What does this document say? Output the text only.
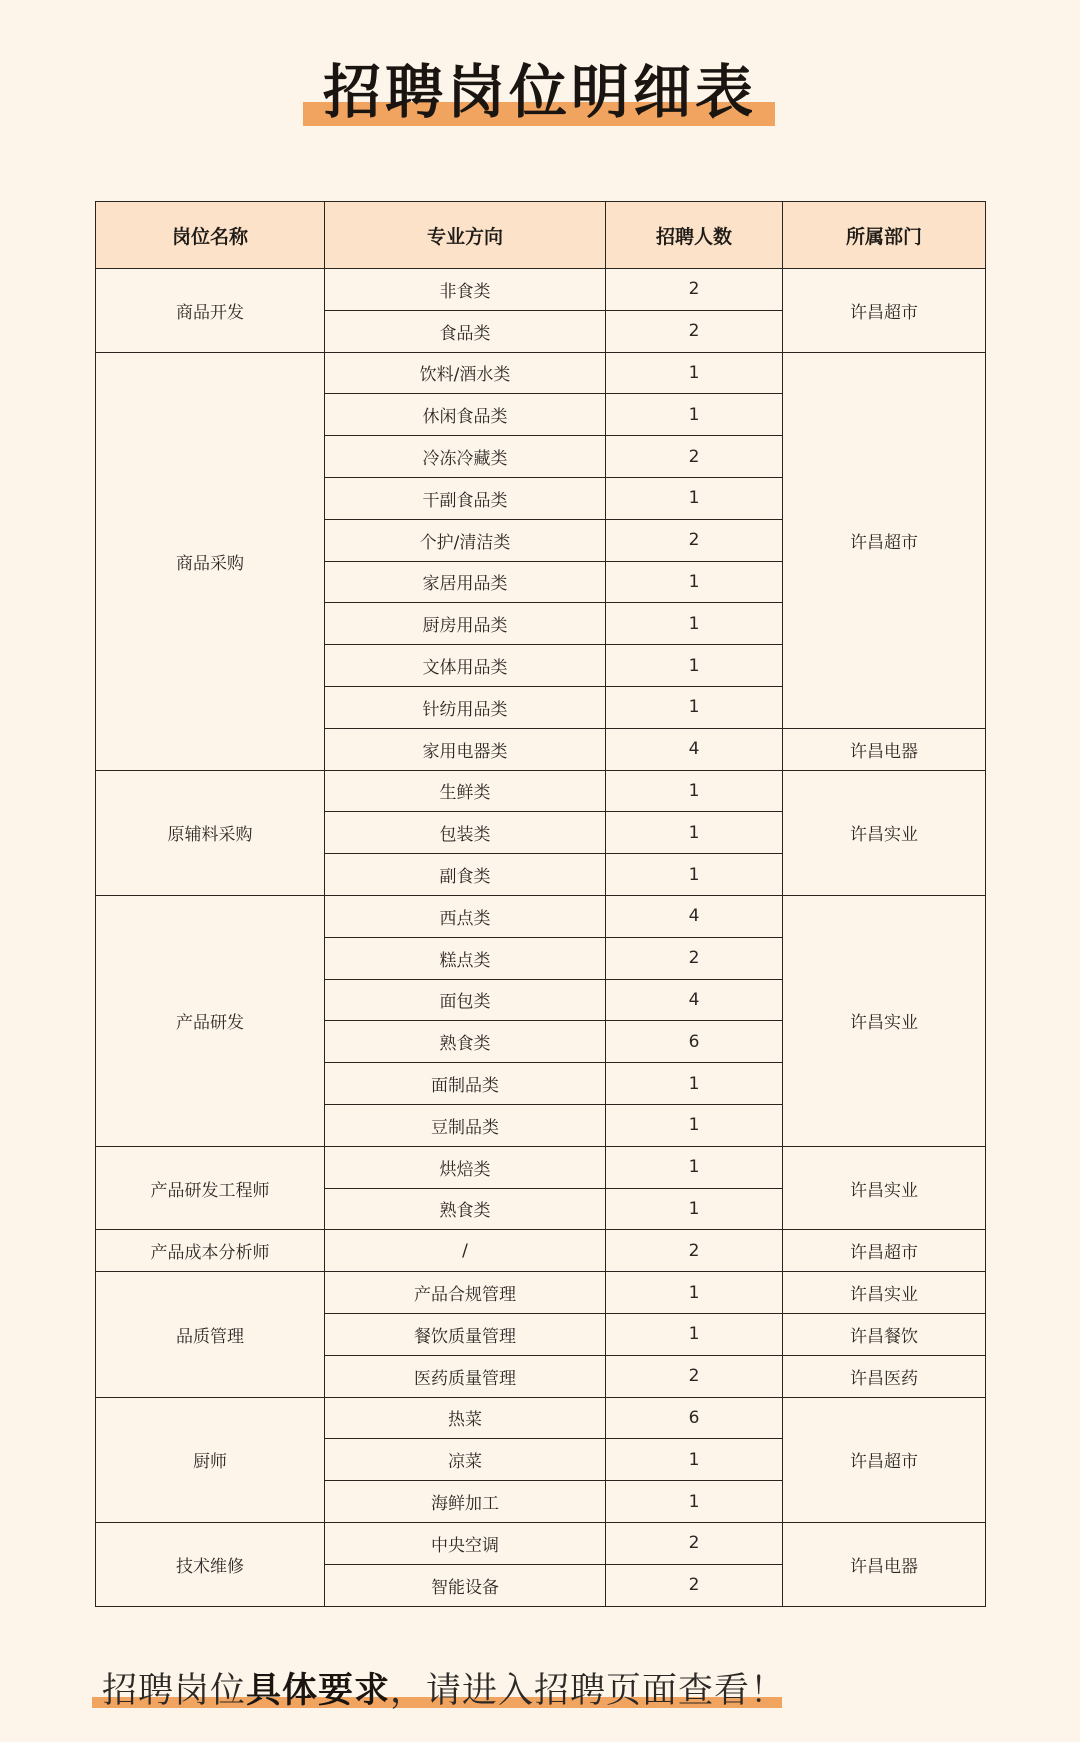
招聘岗位明细表
岗位名称	专业方向	招聘人数	所属部门
商品开发	非食类	2	许昌超市
	食品类	2	
商品采购	饮料/酒水类	1	许昌超市
	休闲食品类	1	
	冷冻冷藏类	2	
	干副食品类	1	
	个护/清洁类	2	
	家居用品类	1	
	厨房用品类	1	
	文体用品类	1	
	针纺用品类	1	
	家用电器类	4	许昌电器
原辅料采购	生鲜类	1	许昌实业
	包装类	1	
	副食类	1	
产品研发	西点类	4	许昌实业
	糕点类	2	
	面包类	4	
	熟食类	6	
	面制品类	1	
	豆制品类	1	
产品研发工程师	烘焙类	1	许昌实业
	熟食类	1	
产品成本分析师	/	2	许昌超市
品质管理	产品合规管理	1	许昌实业
	餐饮质量管理	1	许昌餐饮
	医药质量管理	2	许昌医药
厨师	热菜	6	许昌超市
	凉菜	1	
	海鲜加工	1	
技术维修	中央空调	2	许昌电器
	智能设备	2	
招聘岗位具体要求，请进入招聘页面查看！
